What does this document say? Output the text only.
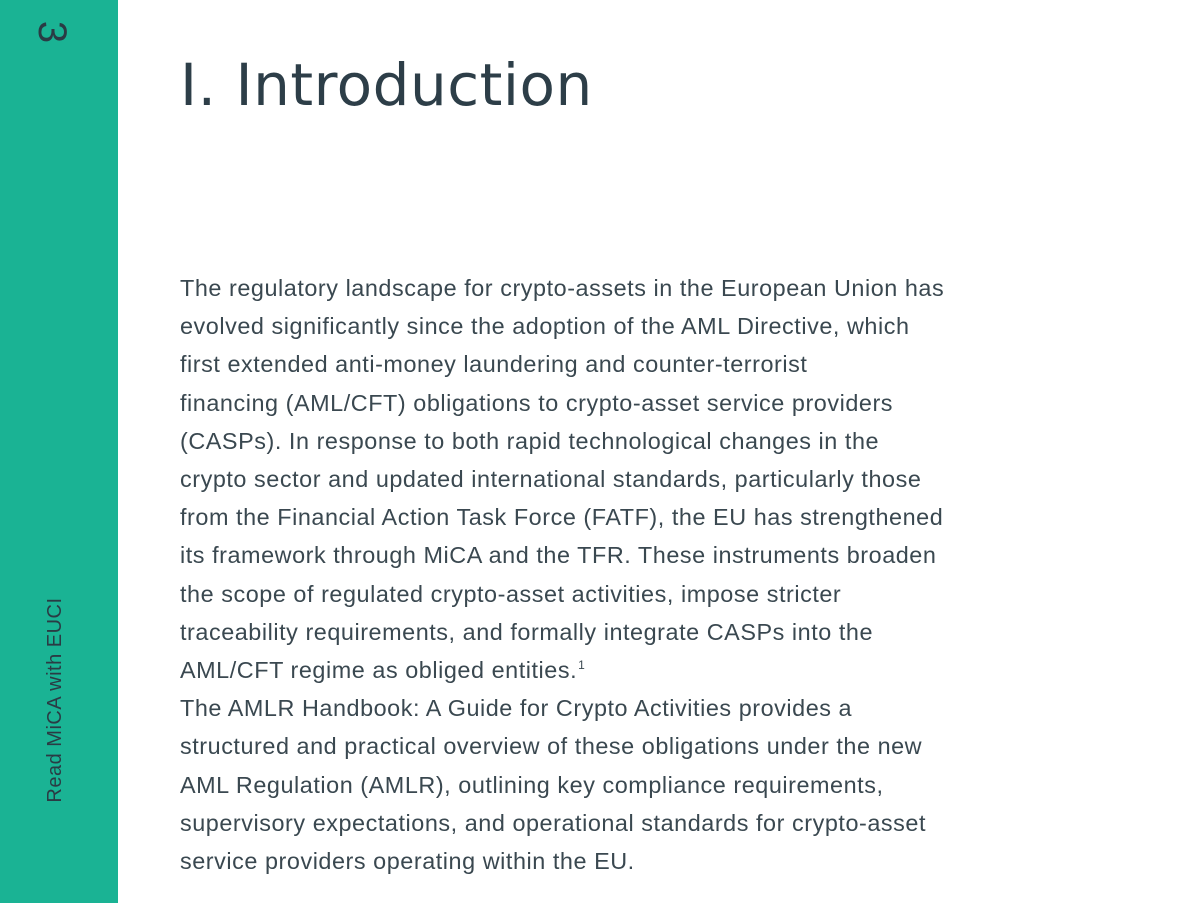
3
Read MiCA with EUCI
I. Introduction
The regulatory landscape for crypto-assets in the European Union has
evolved significantly since the adoption of the AML Directive, which
first extended anti-money laundering and counter-terrorist
financing (AML/CFT) obligations to crypto-asset service providers
(CASPs). In response to both rapid technological changes in the
crypto sector and updated international standards, particularly those
from the Financial Action Task Force (FATF), the EU has strengthened
its framework through MiCA and the TFR. These instruments broaden
the scope of regulated crypto-asset activities, impose stricter
traceability requirements, and formally integrate CASPs into the
AML/CFT regime as obliged entities.$^1$
The AMLR Handbook: A Guide for Crypto Activities provides a
structured and practical overview of these obligations under the new
AML Regulation (AMLR), outlining key compliance requirements,
supervisory expectations, and operational standards for crypto-asset
service providers operating within the EU.
